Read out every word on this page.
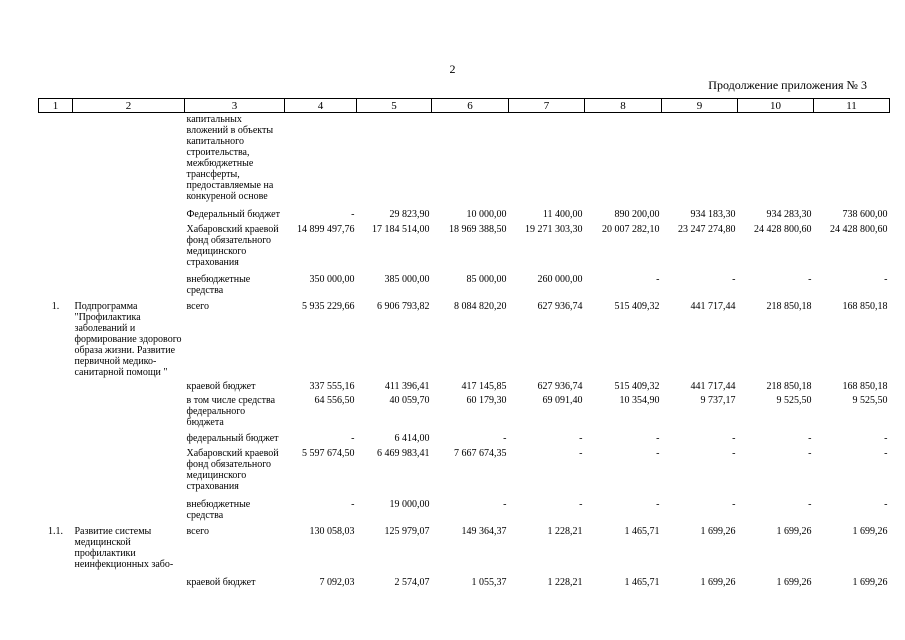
2
Продолжение приложения № 3
1	2	3	4	5	6	7	8	9	10	11
		капитальных вложений в объекты капитального строительства, межбюджетные трансферты, предоставляемые на конкуреной основе								
		Федеральный бюджет	-	29 823,90	10 000,00	11 400,00	890 200,00	934 183,30	934 283,30	738 600,00
		Хабаровский краевой фонд обязательного медицинского страхования	14 899 497,76	17 184 514,00	18 969 388,50	19 271 303,30	20 007 282,10	23 247 274,80	24 428 800,60	24 428 800,60
		внебюджетные средства	350 000,00	385 000,00	85 000,00	260 000,00	-	-	-	-
1.	Подпрограмма "Профилактика заболеваний и формирование здорового образа жизни. Развитие первичной медико-санитарной помощи "	всего	5 935 229,66	6 906 793,82	8 084 820,20	627 936,74	515 409,32	441 717,44	218 850,18	168 850,18
		краевой бюджет	337 555,16	411 396,41	417 145,85	627 936,74	515 409,32	441 717,44	218 850,18	168 850,18
		в том числе средства федерального бюджета	64 556,50	40 059,70	60 179,30	69 091,40	10 354,90	9 737,17	9 525,50	9 525,50
		федеральный бюджет	-	6 414,00	-	-	-	-	-	-
		Хабаровский краевой фонд обязательного медицинского страхования	5 597 674,50	6 469 983,41	7 667 674,35	-	-	-	-	-
		внебюджетные средства	-	19 000,00	-	-	-	-	-	-
1.1.	Развитие системы медицинской профилактики неинфекционных забо-	всего	130 058,03	125 979,07	149 364,37	1 228,21	1 465,71	1 699,26	1 699,26	1 699,26
		краевой бюджет	7 092,03	2 574,07	1 055,37	1 228,21	1 465,71	1 699,26	1 699,26	1 699,26
